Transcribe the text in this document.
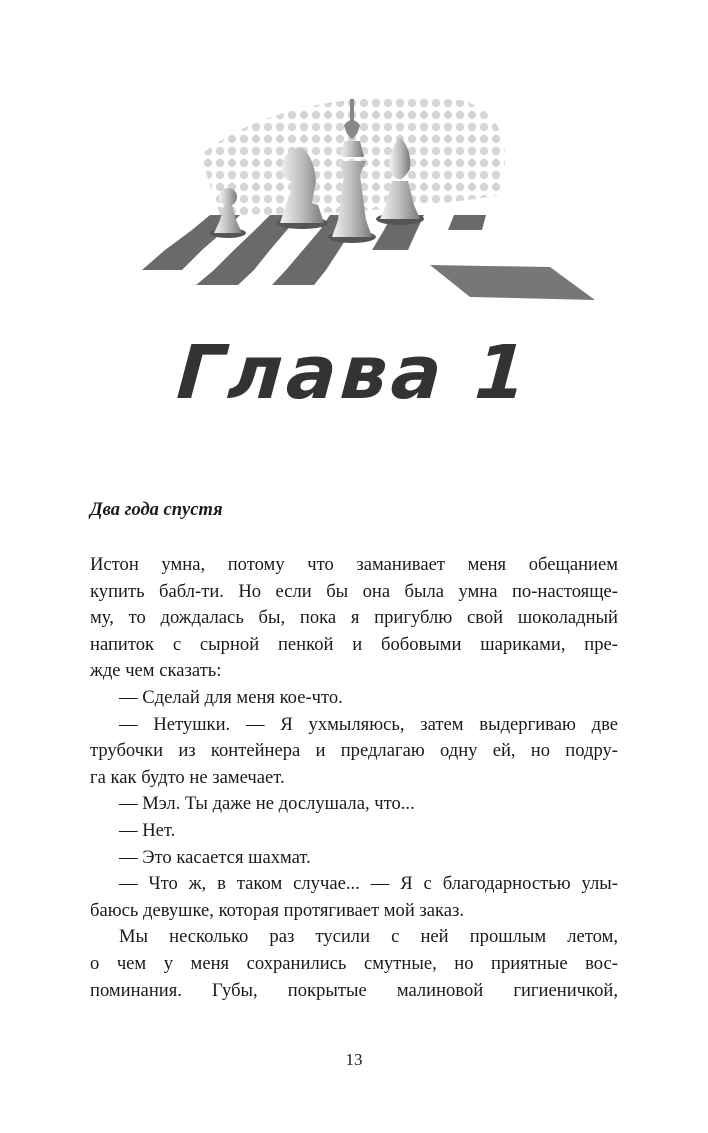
Глава 1
Два года спустя
Истон умна, потому что заманивает меня обещанием
купить бабл-ти. Но если бы она была умна по-настояще-
му, то дождалась бы, пока я пригублю свой шоколадный
напиток с сырной пенкой и бобовыми шариками, пре-
жде чем сказать:
— Сделай для меня кое-что.
— Нетушки. — Я ухмыляюсь, затем выдергиваю две
трубочки из контейнера и предлагаю одну ей, но подру-
га как будто не замечает.
— Мэл. Ты даже не дослушала, что...
— Нет.
— Это касается шахмат.
— Что ж, в таком случае... — Я с благодарностью улы-
баюсь девушке, которая протягивает мой заказ.
Мы несколько раз тусили с ней прошлым летом,
о чем у меня сохранились смутные, но приятные вос-
поминания. Губы, покрытые малиновой гигиеничкой,
13
